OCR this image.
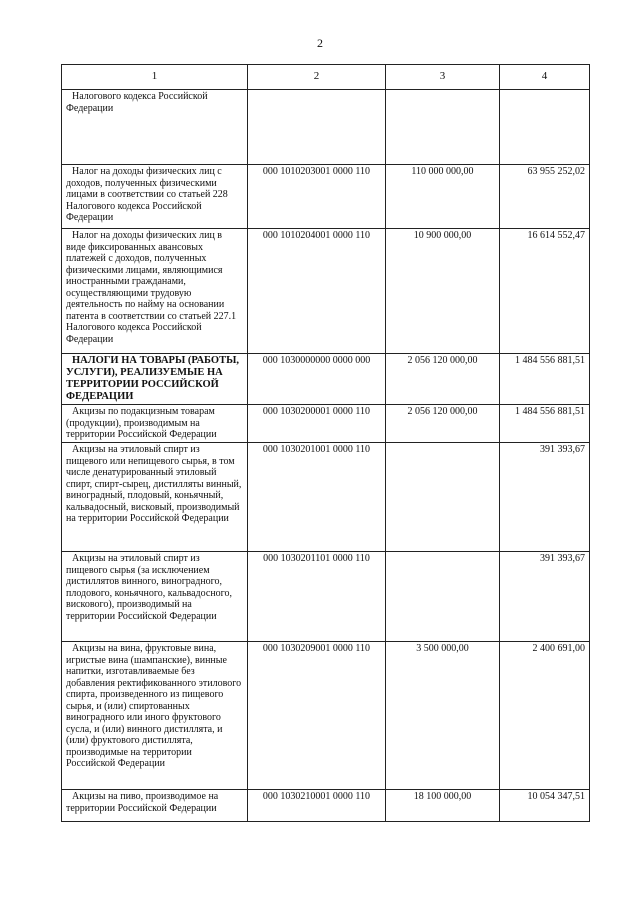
2
1	2	3	4

Налогового кодекса Российской Федерации			

Налог на доходы физических лиц с доходов, полученных физическими лицами в соответствии со статьей 228 Налогового кодекса Российской Федерации	000 1010203001 0000 110	110 000 000,00	63 955 252,02

Налог на доходы физических лиц в виде фиксированных авансовых платежей с доходов, полученных физическими лицами, являющимися иностранными гражданами, осуществляющими трудовую деятельность по найму на основании патента в соответствии со статьей 227.1 Налогового кодекса Российской Федерации	000 1010204001 0000 110	10 900 000,00	16 614 552,47

НАЛОГИ НА ТОВАРЫ (РАБОТЫ, УСЛУГИ), РЕАЛИЗУЕМЫЕ НА ТЕРРИТОРИИ РОССИЙСКОЙ ФЕДЕРАЦИИ	000 1030000000 0000 000	2 056 120 000,00	1 484 556 881,51

Акцизы по подакцизным товарам (продукции), производимым на территории Российской Федерации	000 1030200001 0000 110	2 056 120 000,00	1 484 556 881,51

Акцизы на этиловый спирт из пищевого или непищевого сырья, в том числе денатурированный этиловый спирт, спирт-сырец, дистилляты винный, виноградный, плодовый, коньячный, кальвадосный, висковый, производимый на территории Российской Федерации	000 1030201001 0000 110		391 393,67

Акцизы на этиловый спирт из пищевого сырья (за исключением дистиллятов винного, виноградного, плодового, коньячного, кальвадосного, вискового), производимый на территории Российской Федерации	000 1030201101 0000 110		391 393,67

Акцизы на вина, фруктовые вина, игристые вина (шампанские), винные напитки, изготавливаемые без добавления ректификованного этилового спирта, произведенного из пищевого сырья, и (или) спиртованных виноградного или иного фруктового сусла, и (или) винного дистиллята, и (или) фруктового дистиллята, производимые на территории Российской Федерации	000 1030209001 0000 110	3 500 000,00	2 400 691,00

Акцизы на пиво, производимое на территории Российской Федерации	000 1030210001 0000 110	18 100 000,00	10 054 347,51
